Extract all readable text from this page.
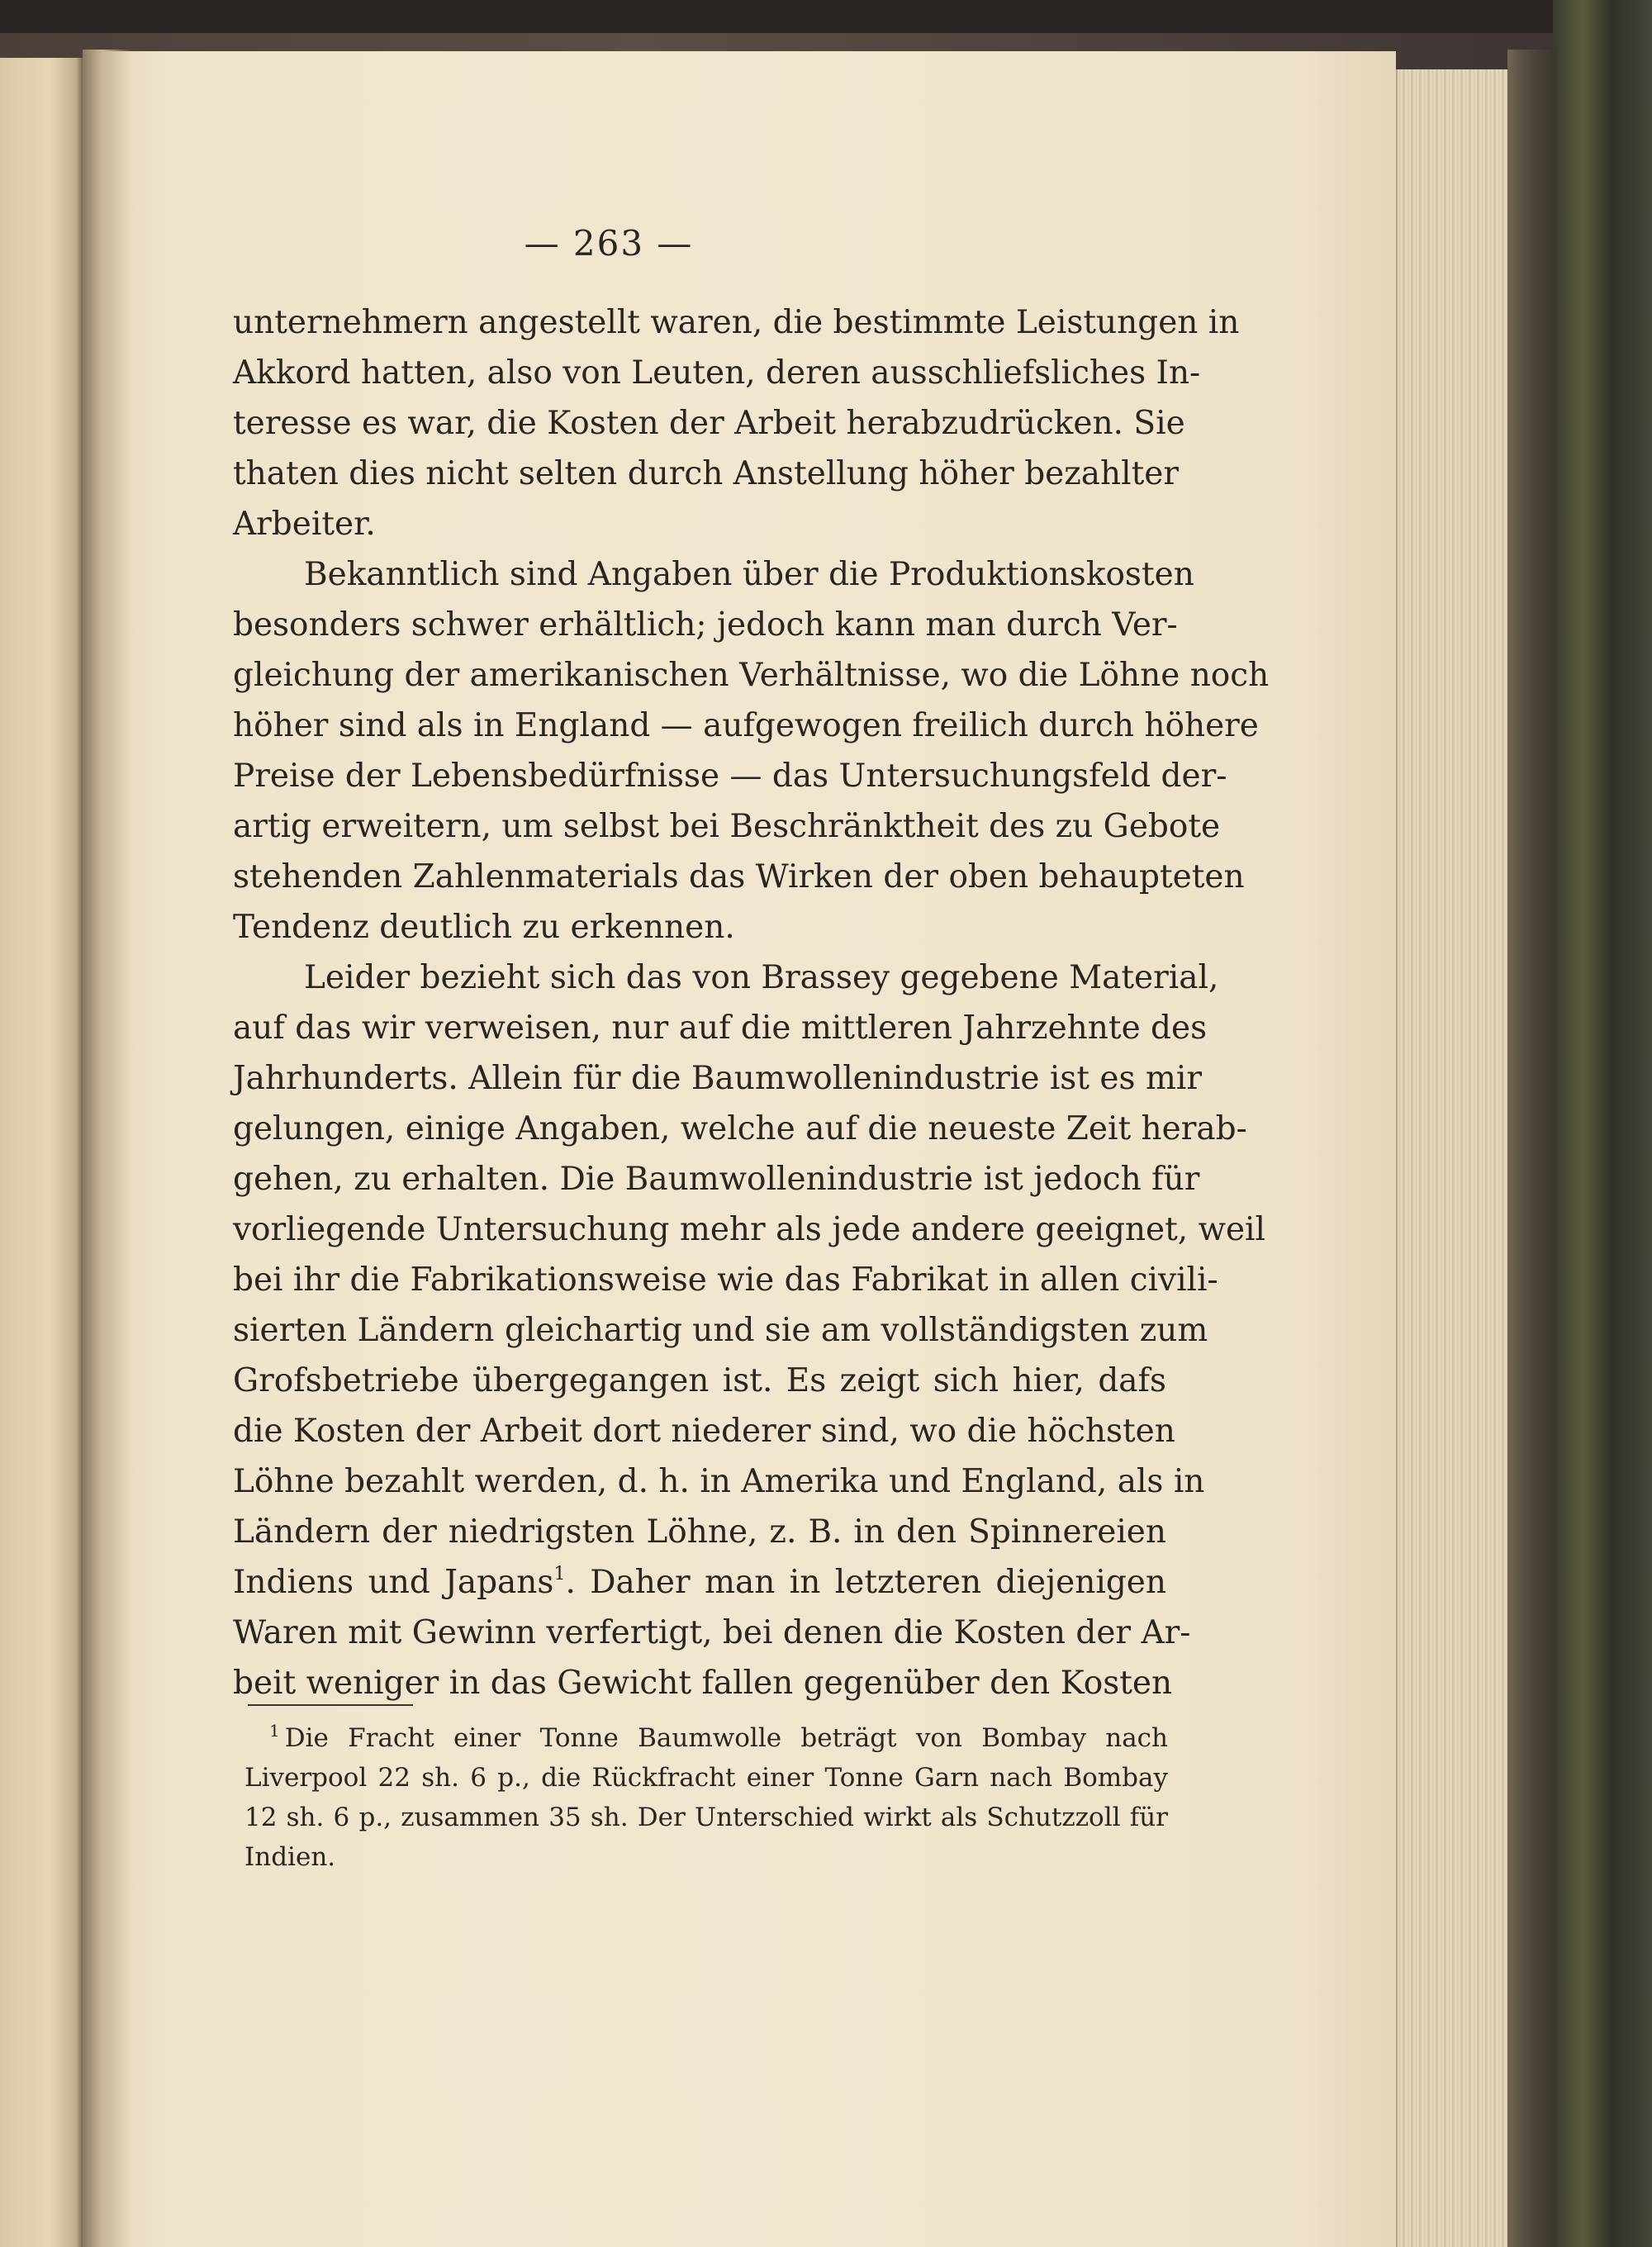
— 263 —
unternehmern angestellt waren, die bestimmte Leistungen in
Akkord hatten, also von Leuten, deren ausschliefsliches In-
teresse es war, die Kosten der Arbeit herabzudrücken. Sie
thaten dies nicht selten durch Anstellung höher bezahlter
Arbeiter.
Bekanntlich sind Angaben über die Produktionskosten
besonders schwer erhältlich; jedoch kann man durch Ver-
gleichung der amerikanischen Verhältnisse, wo die Löhne noch
höher sind als in England — aufgewogen freilich durch höhere
Preise der Lebensbedürfnisse — das Untersuchungsfeld der-
artig erweitern, um selbst bei Beschränktheit des zu Gebote
stehenden Zahlenmaterials das Wirken der oben behaupteten
Tendenz deutlich zu erkennen.
Leider bezieht sich das von Brassey gegebene Material,
auf das wir verweisen, nur auf die mittleren Jahrzehnte des
Jahrhunderts. Allein für die Baumwollenindustrie ist es mir
gelungen, einige Angaben, welche auf die neueste Zeit herab-
gehen, zu erhalten. Die Baumwollenindustrie ist jedoch für
vorliegende Untersuchung mehr als jede andere geeignet, weil
bei ihr die Fabrikationsweise wie das Fabrikat in allen civili-
sierten Ländern gleichartig und sie am vollständigsten zum
Grofsbetriebe übergegangen ist. Es zeigt sich hier, dafs
die Kosten der Arbeit dort niederer sind, wo die höchsten
Löhne bezahlt werden, d. h. in Amerika und England, als in
Ländern der niedrigsten Löhne, z. B. in den Spinnereien
Indiens und Japans$^1$. Daher man in letzteren diejenigen
Waren mit Gewinn verfertigt, bei denen die Kosten der Ar-
beit weniger in das Gewicht fallen gegenüber den Kosten
$^1$ Die Fracht einer Tonne Baumwolle beträgt von Bombay nach
Liverpool 22 sh. 6 p., die Rückfracht einer Tonne Garn nach Bombay
12 sh. 6 p., zusammen 35 sh. Der Unterschied wirkt als Schutzzoll für
Indien.
